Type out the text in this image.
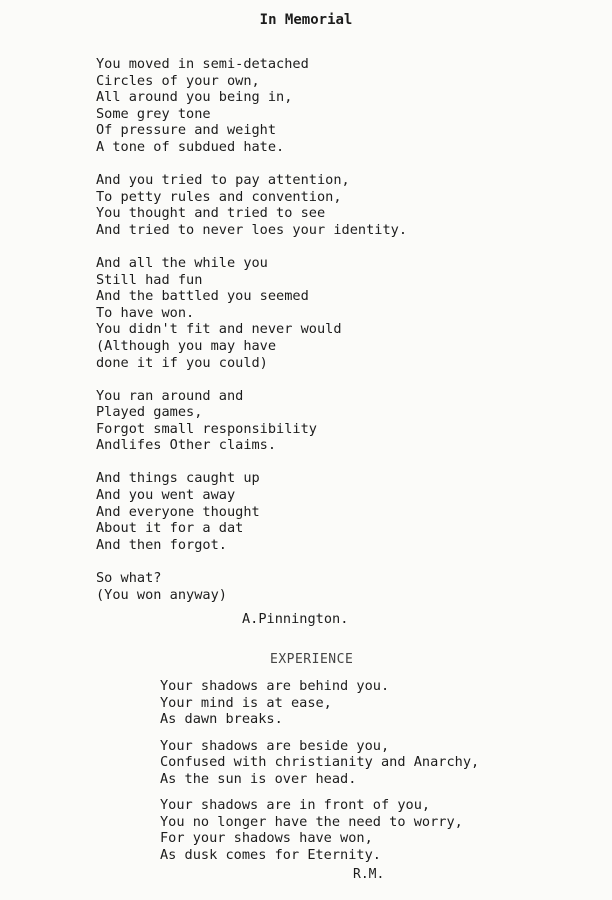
In Memorial
You moved in semi-detached
Circles of your own,
All around you being in,
Some grey tone
Of pressure and weight
A tone of subdued hate.
And you tried to pay attention,
To petty rules and convention,
You thought and tried to see
And tried to never loes your identity.
And all the while you
Still had fun
And the battled you seemed
To have won.
You didn't fit and never would
(Although you may have
done it if you could)
You ran around and
Played games,
Forgot small responsibility
Andlifes Other claims.
And things caught up
And you went away
And everyone thought
About it for a dat
And then forgot.
So what?
(You won anyway)
A.Pinnington.
EXPERIENCE
Your shadows are behind you.
Your mind is at ease,
As dawn breaks.
Your shadows are beside you,
Confused with christianity and Anarchy,
As the sun is over head.
Your shadows are in front of you,
You no longer have the need to worry,
For your shadows have won,
As dusk comes for Eternity.
R.M.
